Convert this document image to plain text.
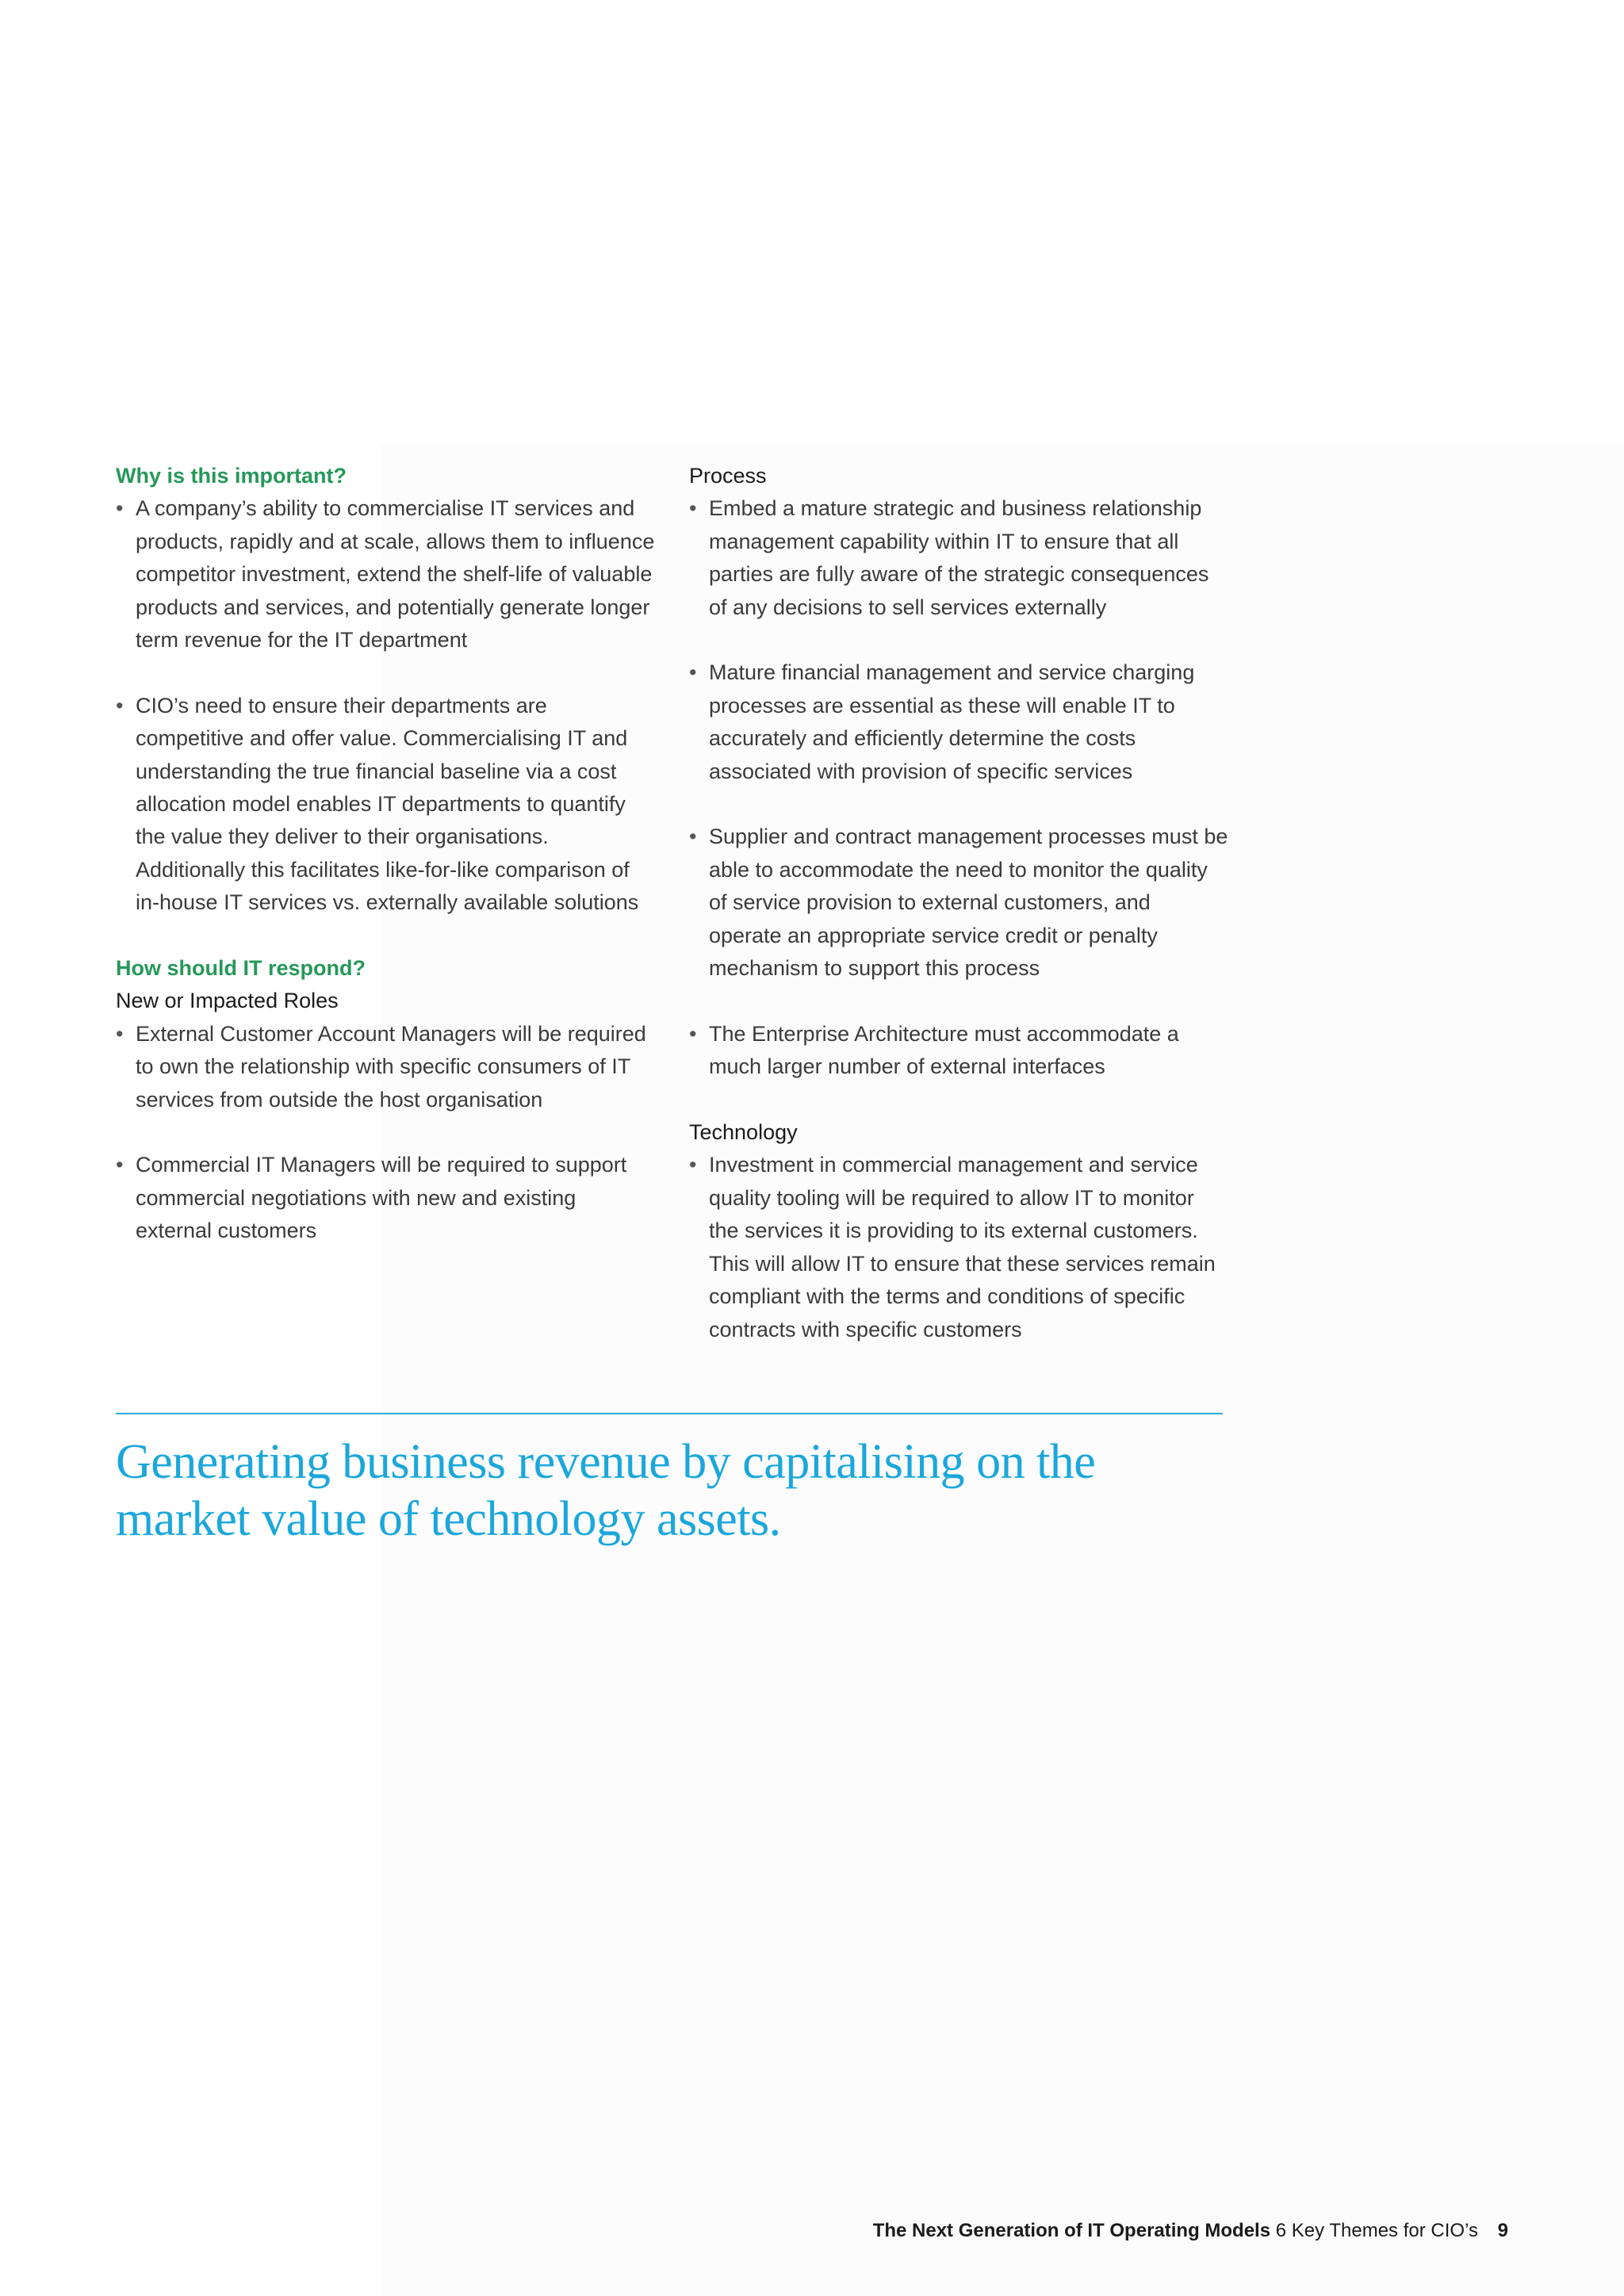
Why is this important?

• A company’s ability to commercialise IT services and products, rapidly and at scale, allows them to influence competitor investment, extend the shelf-life of valuable products and services, and potentially generate longer term revenue for the IT department
• CIO’s need to ensure their departments are competitive and offer value. Commercialising IT and understanding the true financial baseline via a cost allocation model enables IT departments to quantify the value they deliver to their organisations. Additionally this facilitates like-for-like comparison of in-house IT services vs. externally available solutions

How should IT respond?

New or Impacted Roles

• External Customer Account Managers will be required to own the relationship with specific consumers of IT services from outside the host organisation
• Commercial IT Managers will be required to support commercial negotiations with new and existing external customers

Process

• Embed a mature strategic and business relationship management capability within IT to ensure that all parties are fully aware of the strategic consequences of any decisions to sell services externally
• Mature financial management and service charging processes are essential as these will enable IT to accurately and efficiently determine the costs associated with provision of specific services
• Supplier and contract management processes must be able to accommodate the need to monitor the quality of service provision to external customers, and operate an appropriate service credit or penalty mechanism to support this process
• The Enterprise Architecture must accommodate a much larger number of external interfaces

Technology

• Investment in commercial management and service quality tooling will be required to allow IT to monitor the services it is providing to its external customers. This will allow IT to ensure that these services remain compliant with the terms and conditions of specific contracts with specific customers
Generating business revenue by capitalising on the
market value of technology assets.
The Next Generation of IT Operating Models 6 Key Themes for CIO’s 9
